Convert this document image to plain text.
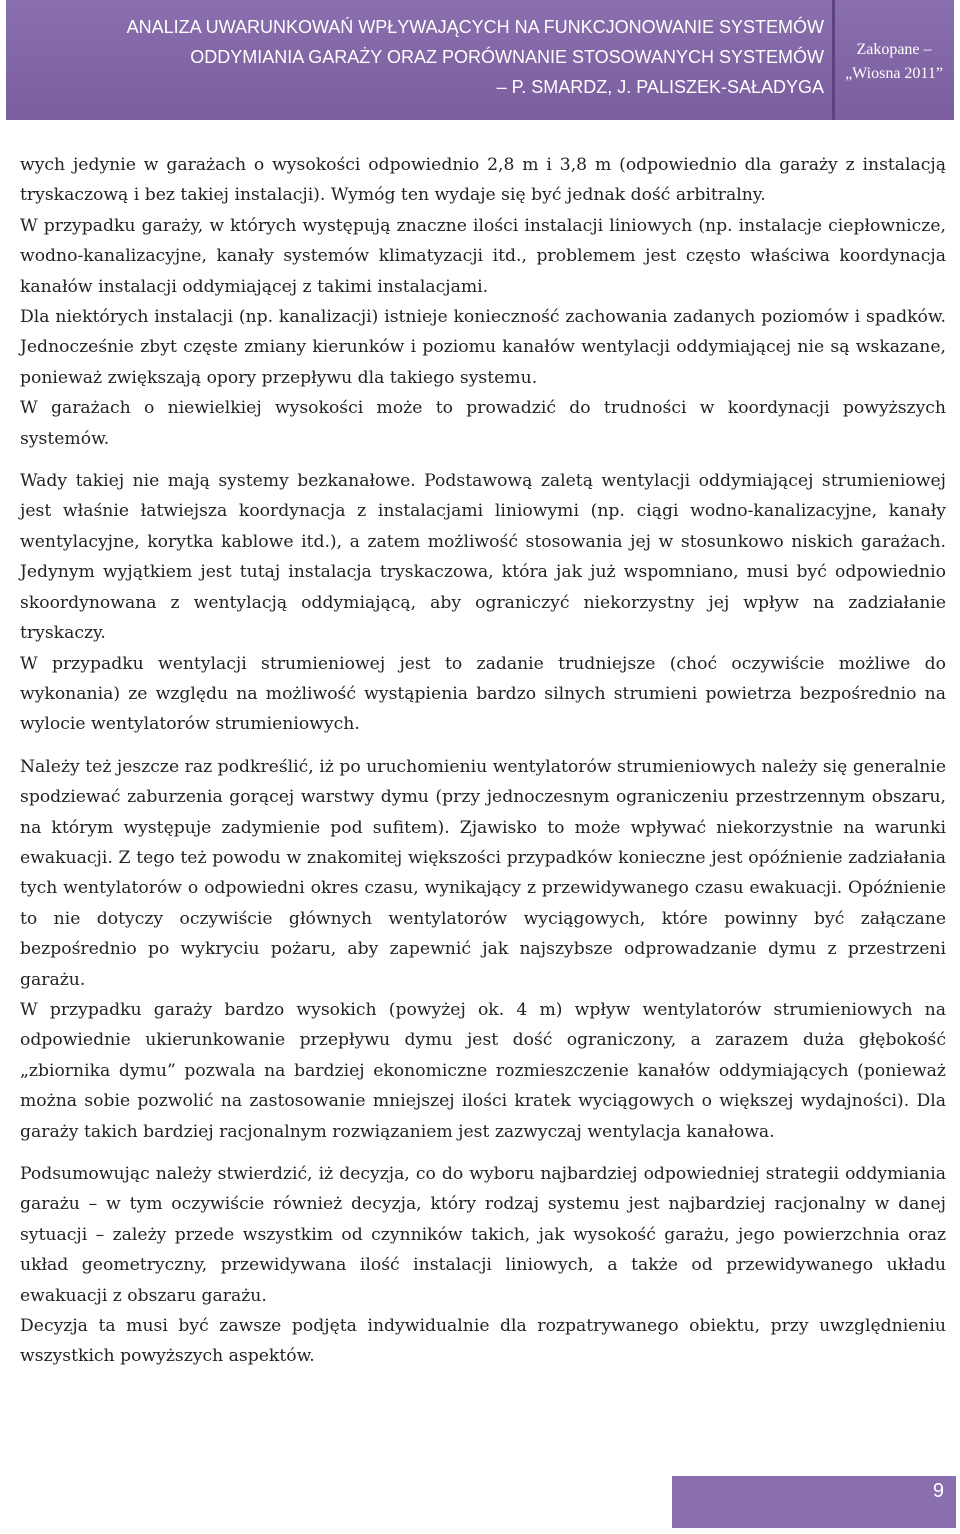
ANALIZA UWARUNKOWAŃ WPŁYWAJĄCYCH NA FUNKCJONOWANIE SYSTEMÓW
ODDYMIANIA GARAŻY ORAZ PORÓWNANIE STOSOWANYCH SYSTEMÓW
– P. SMARDZ, J. PALISZEK-SAŁADYGA
Zakopane –
„Wiosna 2011”

wych jedynie w garażach o wysokości odpowiednio 2,8 m i 3,8 m (odpowiednio dla garaży z instalacją tryskaczową i bez takiej instalacji). Wymóg ten wydaje się być jednak dość arbitralny.

W przypadku garaży, w których występują znaczne ilości instalacji liniowych (np. instalacje ciepłownicze, wodno-kanalizacyjne, kanały systemów klimatyzacji itd., problemem jest często właściwa koordynacja kanałów instalacji oddymiającej z takimi instalacjami.

Dla niektórych instalacji (np. kanalizacji) istnieje konieczność zachowania zadanych poziomów i spadków. Jednocześnie zbyt częste zmiany kierunków i poziomu kanałów wentylacji oddymiającej nie są wskazane, ponieważ zwiększają opory przepływu dla takiego systemu.

W garażach o niewielkiej wysokości może to prowadzić do trudności w koordynacji powyższych systemów.

Wady takiej nie mają systemy bezkanałowe. Podstawową zaletą wentylacji oddymiającej strumieniowej jest właśnie łatwiejsza koordynacja z instalacjami liniowymi (np. ciągi wodno-kanalizacyjne, kanały wentylacyjne, korytka kablowe itd.), a zatem możliwość stosowania jej w stosunkowo niskich garażach. Jedynym wyjątkiem jest tutaj instalacja tryskaczowa, która jak już wspomniano, musi być odpowiednio skoordynowana z wentylacją oddymiającą, aby ograniczyć niekorzystny jej wpływ na zadziałanie tryskaczy.

W przypadku wentylacji strumieniowej jest to zadanie trudniejsze (choć oczywiście możliwe do wykonania) ze względu na możliwość wystąpienia bardzo silnych strumieni powietrza bezpośrednio na wylocie wentylatorów strumieniowych.

Należy też jeszcze raz podkreślić, iż po uruchomieniu wentylatorów strumieniowych należy się generalnie spodziewać zaburzenia gorącej warstwy dymu (przy jednoczesnym ograniczeniu przestrzennym obszaru, na którym występuje zadymienie pod sufitem). Zjawisko to może wpływać niekorzystnie na warunki ewakuacji. Z tego też powodu w znakomitej większości przypadków konieczne jest opóźnienie zadziałania tych wentylatorów o odpowiedni okres czasu, wynikający z przewidywanego czasu ewakuacji. Opóźnienie to nie dotyczy oczywiście głównych wentylatorów wyciągowych, które powinny być załączane bezpośrednio po wykryciu pożaru, aby zapewnić jak najszybsze odprowadzanie dymu z przestrzeni garażu.

W przypadku garaży bardzo wysokich (powyżej ok. 4 m) wpływ wentylatorów strumieniowych na odpowiednie ukierunkowanie przepływu dymu jest dość ograniczony, a zarazem duża głębokość „zbiornika dymu” pozwala na bardziej ekonomiczne rozmieszczenie kanałów oddymiających (ponieważ można sobie pozwolić na zastosowanie mniejszej ilości kratek wyciągowych o większej wydajności). Dla garaży takich bardziej racjonalnym rozwiązaniem jest zazwyczaj wentylacja kanałowa.

Podsumowując należy stwierdzić, iż decyzja, co do wyboru najbardziej odpowiedniej strategii oddymiania garażu – w tym oczywiście również decyzja, który rodzaj systemu jest najbardziej racjonalny w danej sytuacji – zależy przede wszystkim od czynników takich, jak wysokość garażu, jego powierzchnia oraz układ geometryczny, przewidywana ilość instalacji liniowych, a także od przewidywanego układu ewakuacji z obszaru garażu.

Decyzja ta musi być zawsze podjęta indywidualnie dla rozpatrywanego obiektu, przy uwzględnieniu wszystkich powyższych aspektów.

9
